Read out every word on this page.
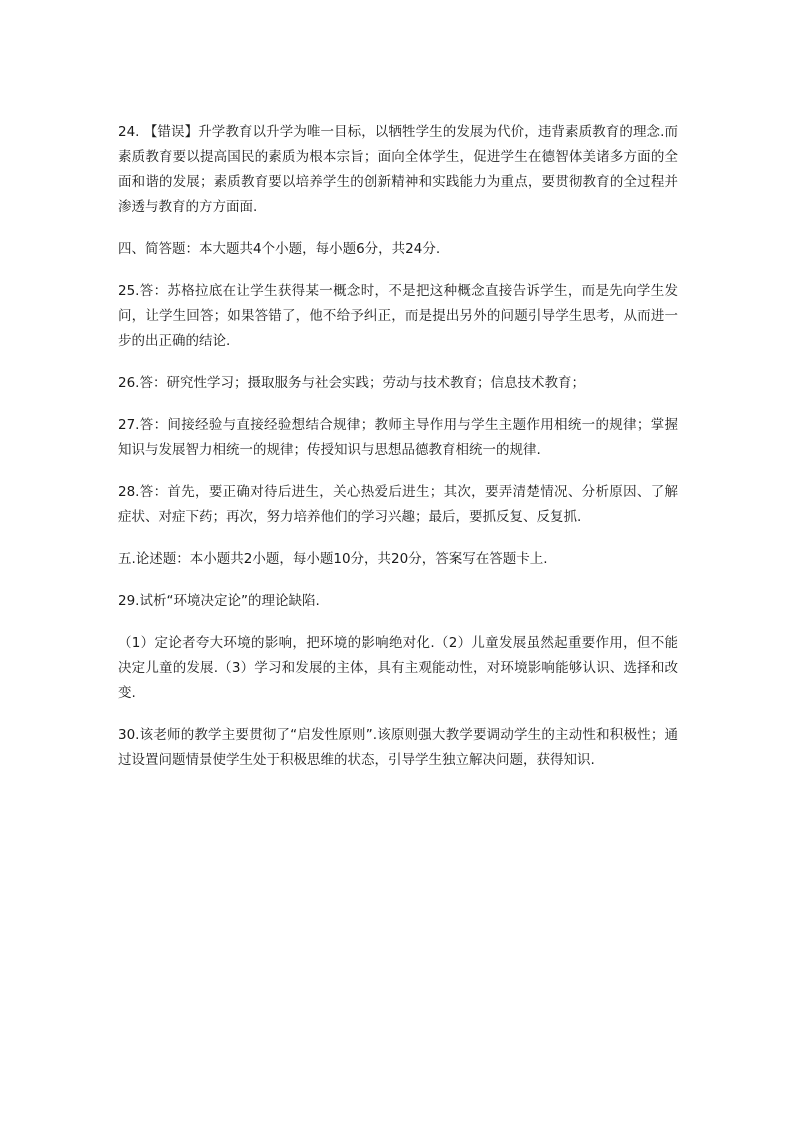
24. 【错误】升学教育以升学为唯一目标，以牺牲学生的发展为代价，违背素质教育的理念.而素质教育要以提高国民的素质为根本宗旨；面向全体学生，促进学生在德智体美诸多方面的全面和谐的发展；素质教育要以培养学生的创新精神和实践能力为重点，要贯彻教育的全过程并渗透与教育的方方面面.

四、简答题：本大题共4个小题，每小题6分，共24分.

25.答：苏格拉底在让学生获得某一概念时，不是把这种概念直接告诉学生，而是先向学生发问，让学生回答；如果答错了，他不给予纠正，而是提出另外的问题引导学生思考，从而进一步的出正确的结论.

26.答：研究性学习；摄取服务与社会实践；劳动与技术教育；信息技术教育；

27.答：间接经验与直接经验想结合规律；教师主导作用与学生主题作用相统一的规律；掌握知识与发展智力相统一的规律；传授知识与思想品德教育相统一的规律.

28.答：首先，要正确对待后进生，关心热爱后进生；其次，要弄清楚情况、分析原因、了解症状、对症下药；再次，努力培养他们的学习兴趣；最后，要抓反复、反复抓.

五.论述题：本小题共2小题，每小题10分，共20分，答案写在答题卡上.

29.试析“环境决定论”的理论缺陷.

（1）定论者夸大环境的影响，把环境的影响绝对化.（2）儿童发展虽然起重要作用，但不能决定儿童的发展.（3）学习和发展的主体，具有主观能动性，对环境影响能够认识、选择和改变.

30.该老师的教学主要贯彻了“启发性原则”.该原则强大教学要调动学生的主动性和积极性；通过设置问题情景使学生处于积极思维的状态，引导学生独立解决问题，获得知识.
